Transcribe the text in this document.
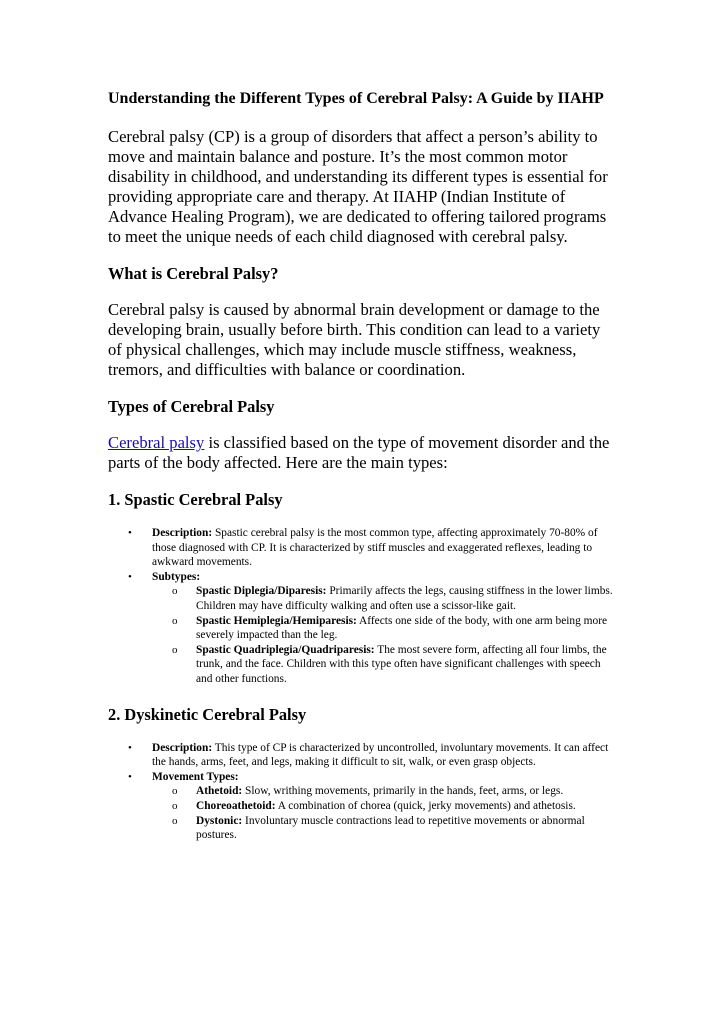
Understanding the Different Types of Cerebral Palsy: A Guide by IIAHP

Cerebral palsy (CP) is a group of disorders that affect a person’s ability to move and maintain balance and posture. It’s the most common motor disability in childhood, and understanding its different types is essential for providing appropriate care and therapy. At IIAHP (Indian Institute of Advance Healing Program), we are dedicated to offering tailored programs to meet the unique needs of each child diagnosed with cerebral palsy.

What is Cerebral Palsy?

Cerebral palsy is caused by abnormal brain development or damage to the developing brain, usually before birth. This condition can lead to a variety of physical challenges, which may include muscle stiffness, weakness, tremors, and difficulties with balance or coordination.

Types of Cerebral Palsy

Cerebral palsy is classified based on the type of movement disorder and the parts of the body affected. Here are the main types:

1. Spastic Cerebral Palsy
• Description: Spastic cerebral palsy is the most common type, affecting approximately 70-80% of those diagnosed with CP. It is characterized by stiff muscles and exaggerated reflexes, leading to awkward movements.
• Subtypes:
o Spastic Diplegia/Diparesis: Primarily affects the legs, causing stiffness in the lower limbs. Children may have difficulty walking and often use a scissor-like gait.
o Spastic Hemiplegia/Hemiparesis: Affects one side of the body, with one arm being more severely impacted than the leg.
o Spastic Quadriplegia/Quadriparesis: The most severe form, affecting all four limbs, the trunk, and the face. Children with this type often have significant challenges with speech and other functions.
2. Dyskinetic Cerebral Palsy
• Description: This type of CP is characterized by uncontrolled, involuntary movements. It can affect the hands, arms, feet, and legs, making it difficult to sit, walk, or even grasp objects.
• Movement Types:
o Athetoid: Slow, writhing movements, primarily in the hands, feet, arms, or legs.
o Choreoathetoid: A combination of chorea (quick, jerky movements) and athetosis.
o Dystonic: Involuntary muscle contractions lead to repetitive movements or abnormal postures.
